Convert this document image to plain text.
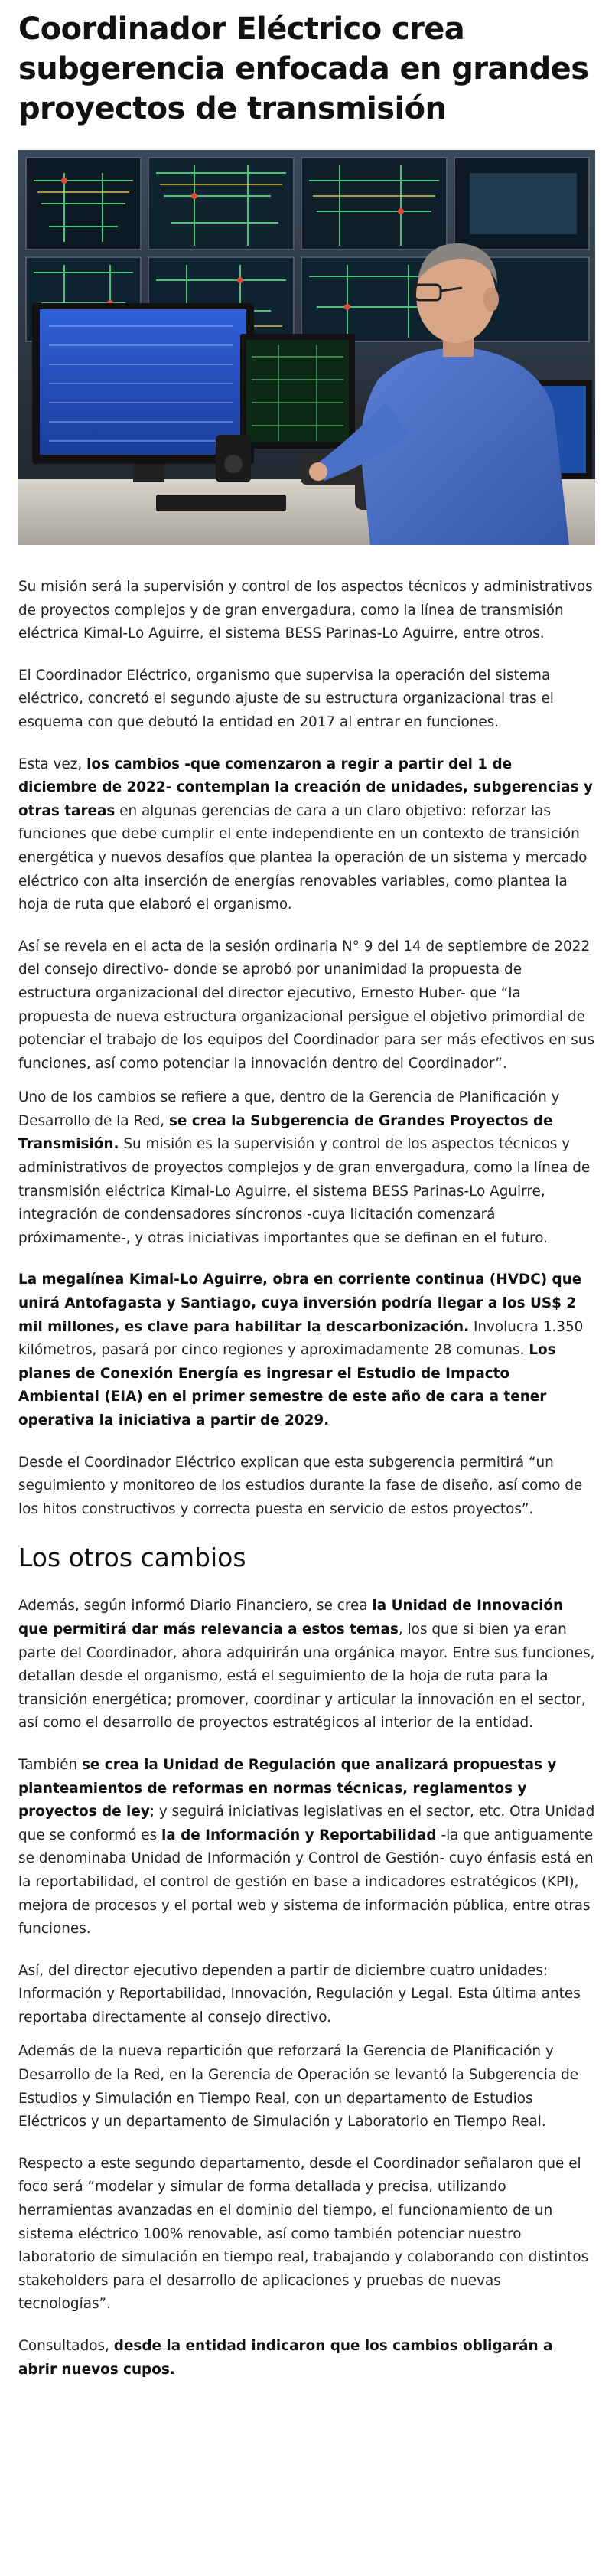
Coordinador Eléctrico crea subgerencia enfocada en grandes proyectos de transmisión

Su misión será la supervisión y control de los aspectos técnicos y administrativos de proyectos complejos y de gran envergadura, como la línea de transmisión eléctrica Kimal-Lo Aguirre, el sistema BESS Parinas-Lo Aguirre, entre otros.

El Coordinador Eléctrico, organismo que supervisa la operación del sistema eléctrico, concretó el segundo ajuste de su estructura organizacional tras el esquema con que debutó la entidad en 2017 al entrar en funciones.

Esta vez, los cambios -que comenzaron a regir a partir del 1 de diciembre de 2022- contemplan la creación de unidades, subgerencias y otras tareas en algunas gerencias de cara a un claro objetivo: reforzar las funciones que debe cumplir el ente independiente en un contexto de transición energética y nuevos desafíos que plantea la operación de un sistema y mercado eléctrico con alta inserción de energías renovables variables, como plantea la hoja de ruta que elaboró el organismo.

Así se revela en el acta de la sesión ordinaria N° 9 del 14 de septiembre de 2022 del consejo directivo- donde se aprobó por unanimidad la propuesta de estructura organizacional del director ejecutivo, Ernesto Huber- que “la propuesta de nueva estructura organizacional persigue el objetivo primordial de potenciar el trabajo de los equipos del Coordinador para ser más efectivos en sus funciones, así como potenciar la innovación dentro del Coordinador”.

Uno de los cambios se refiere a que, dentro de la Gerencia de Planificación y Desarrollo de la Red, se crea la Subgerencia de Grandes Proyectos de Transmisión. Su misión es la supervisión y control de los aspectos técnicos y administrativos de proyectos complejos y de gran envergadura, como la línea de transmisión eléctrica Kimal-Lo Aguirre, el sistema BESS Parinas-Lo Aguirre, integración de condensadores síncronos -cuya licitación comenzará próximamente-, y otras iniciativas importantes que se definan en el futuro.

La megalínea Kimal-Lo Aguirre, obra en corriente continua (HVDC) que unirá Antofagasta y Santiago, cuya inversión podría llegar a los US$ 2 mil millones, es clave para habilitar la descarbonización. Involucra 1.350 kilómetros, pasará por cinco regiones y aproximadamente 28 comunas. Los planes de Conexión Energía es ingresar el Estudio de Impacto Ambiental (EIA) en el primer semestre de este año de cara a tener operativa la iniciativa a partir de 2029.

Desde el Coordinador Eléctrico explican que esta subgerencia permitirá “un seguimiento y monitoreo de los estudios durante la fase de diseño, así como de los hitos constructivos y correcta puesta en servicio de estos proyectos”.

Los otros cambios

Además, según informó Diario Financiero, se crea la Unidad de Innovación que permitirá dar más relevancia a estos temas, los que si bien ya eran parte del Coordinador, ahora adquirirán una orgánica mayor. Entre sus funciones, detallan desde el organismo, está el seguimiento de la hoja de ruta para la transición energética; promover, coordinar y articular la innovación en el sector, así como el desarrollo de proyectos estratégicos al interior de la entidad.

También se crea la Unidad de Regulación que analizará propuestas y planteamientos de reformas en normas técnicas, reglamentos y proyectos de ley; y seguirá iniciativas legislativas en el sector, etc. Otra Unidad que se conformó es la de Información y Reportabilidad -la que antiguamente se denominaba Unidad de Información y Control de Gestión- cuyo énfasis está en la reportabilidad, el control de gestión en base a indicadores estratégicos (KPI), mejora de procesos y el portal web y sistema de información pública, entre otras funciones.

Así, del director ejecutivo dependen a partir de diciembre cuatro unidades: Información y Reportabilidad, Innovación, Regulación y Legal. Esta última antes reportaba directamente al consejo directivo.

Además de la nueva repartición que reforzará la Gerencia de Planificación y Desarrollo de la Red, en la Gerencia de Operación se levantó la Subgerencia de Estudios y Simulación en Tiempo Real, con un departamento de Estudios Eléctricos y un departamento de Simulación y Laboratorio en Tiempo Real.

Respecto a este segundo departamento, desde el Coordinador señalaron que el foco será “modelar y simular de forma detallada y precisa, utilizando herramientas avanzadas en el dominio del tiempo, el funcionamiento de un sistema eléctrico 100% renovable, así como también potenciar nuestro laboratorio de simulación en tiempo real, trabajando y colaborando con distintos stakeholders para el desarrollo de aplicaciones y pruebas de nuevas tecnologías”.

Consultados, desde la entidad indicaron que los cambios obligarán a abrir nuevos cupos.
